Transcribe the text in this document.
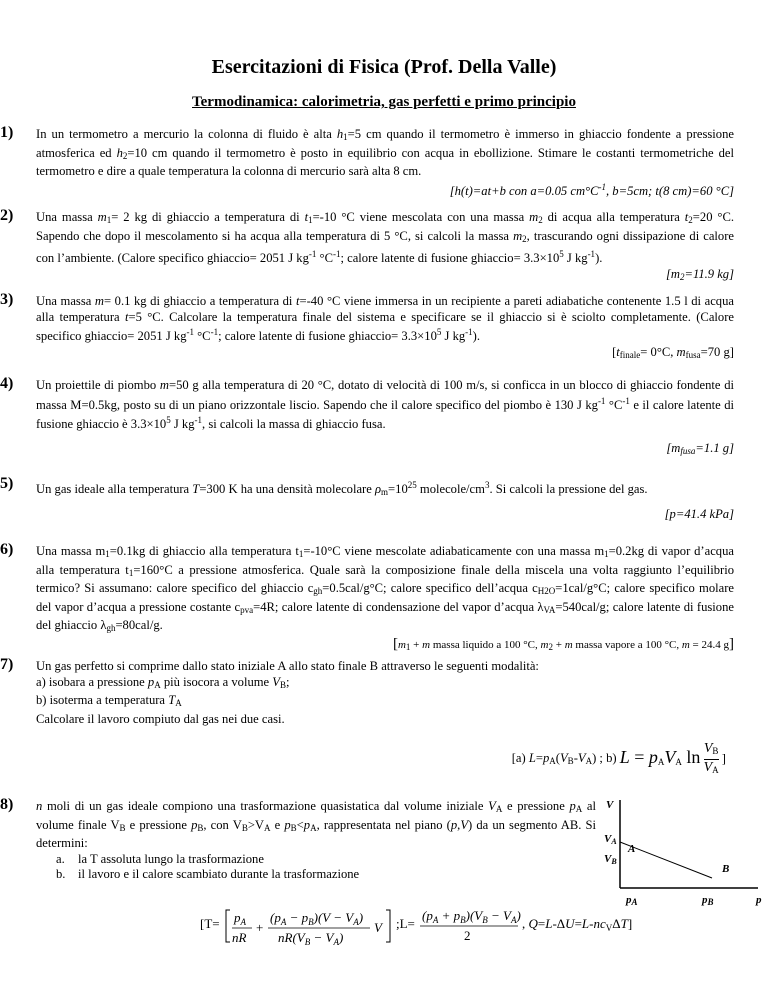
Esercitazioni di Fisica (Prof. Della Valle)
Termodinamica: calorimetria, gas perfetti e primo principio
1) In un termometro a mercurio la colonna di fluido è alta $h_1=5$ cm quando il termometro è immerso in ghiaccio fondente a pressione atmosferica ed $h_2=10$ cm quando il termometro è posto in equilibrio con acqua in ebollizione. Stimare le costanti termometriche del termometro e dire a quale temperatura la colonna di mercurio sarà alta 8 cm.
[h(t)=at+b con a=0.05 $cm^\circ C^{-1}$, b=5cm; t(8 cm)=60 °C]
2) Una massa $m_1= 2$ kg di ghiaccio a temperatura di $t_1=-10$ °C viene mescolata con una massa $m_2$ di acqua alla temperatura $t_2=20$ °C. Sapendo che dopo il mescolamento si ha acqua alla temperatura di 5 °C, si calcoli la massa $m_2$, trascurando ogni dissipazione di calore con l’ambiente. (Calore specifico ghiaccio= 2051 J $kg^{-1}$ $^\circ C^{-1}$; calore latente di fusione ghiaccio= $3.3\times 10^5$ J $kg^{-1}$).
[$m_2=11.9$ kg]
3) Una massa m= 0.1 kg di ghiaccio a temperatura di t=-40 °C viene immersa in un recipiente a pareti adiabatiche contenente 1.5 l di acqua alla temperatura t=5 °C. Calcolare la temperatura finale del sistema e specificare se il ghiaccio si è sciolto completamente. (Calore specifico ghiaccio= 2051 J $kg^{-1}$ $^\circ C^{-1}$; calore latente di fusione ghiaccio= $3.3\times 10^5$ J $kg^{-1}$).
[$t_{finale}= 0^\circ C$, $m_{fusa}=70$ g]
4) Un proiettile di piombo m=50 g alla temperatura di 20 °C, dotato di velocità di 100 m/s, si conficca in un blocco di ghiaccio fondente di massa M=0.5kg, posto su di un piano orizzontale liscio. Sapendo che il calore specifico del piombo è 130 J $kg^{-1}$ $^\circ C^{-1}$ e il calore latente di fusione ghiaccio è $3.3\times 10^5$ J $kg^{-1}$, si calcoli la massa di ghiaccio fusa.
[$m_{fusa}=1.1$ g]
5) Un gas ideale alla temperatura T=300 K ha una densità molecolare $\rho_m=10^{25}$ molecole/$cm^3$. Si calcoli la pressione del gas.
[p=41.4 kPa]
6) Una massa $m_1=0.1kg$ di ghiaccio alla temperatura $t_1=-10^\circ C$ viene mescolate adiabaticamente con una massa $m_1=0.2kg$ di vapor d’acqua alla temperatura $t_1=160^\circ C$ a pressione atmosferica. Quale sarà la composizione finale della miscela una volta raggiunto l’equilibrio termico? Si assumano: calore specifico del ghiaccio $c_{gh}=0.5cal/g^\circ C$; calore specifico dell’acqua $c_{H2O}=1cal/g^\circ C$; calore specifico molare del vapor d’acqua a pressione costante $c_{pva}=4R$; calore latente di condensazione del vapor d’acqua $\lambda_{VA}=540cal/g$; calore latente di fusione del ghiaccio $\lambda_{gh}=80cal/g$.
[$m_1 + m$ massa liquido a 100 °C, $m_2 + m$ massa vapore a 100 °C, m = 24.4 g]
7) Un gas perfetto si comprime dallo stato iniziale A allo stato finale B attraverso le seguenti modalità:
a) isobara a pressione $p_A$ più isocora a volume $V_B$;
b) isoterma a temperatura $T_A$
Calcolare il lavoro compiuto dal gas nei due casi.
[a) $L=p_A(V_B-V_A)$ ; b) $L = p_AV_A$ $\ln \frac{V_B}{V_A}$ ]
8) n moli di un gas ideale compiono una trasformazione quasistatica dal volume iniziale $V_A$ e pressione $p_A$ al volume finale $V_B$ e pressione $p_B$, con $V_B>V_A$ e $p_B<p_A$, rappresentata nel piano (p,V) da un segmento AB. Si determini:
a. la T assoluta lungo la trasformazione
b. il lavoro e il calore scambiato durante la trasformazione
[$T= p_A$
nR
+
$(p_A - p_B)(V - V_A)$
$nR(V_B - V_A)$
V ;L=
$(p_A + p_B)(V_B - V_A)$
2
, $Q=L-\Delta U=L-nc_V\Delta T$]
V
VA
VB
A
B
$p_A$	$p_B$	p
